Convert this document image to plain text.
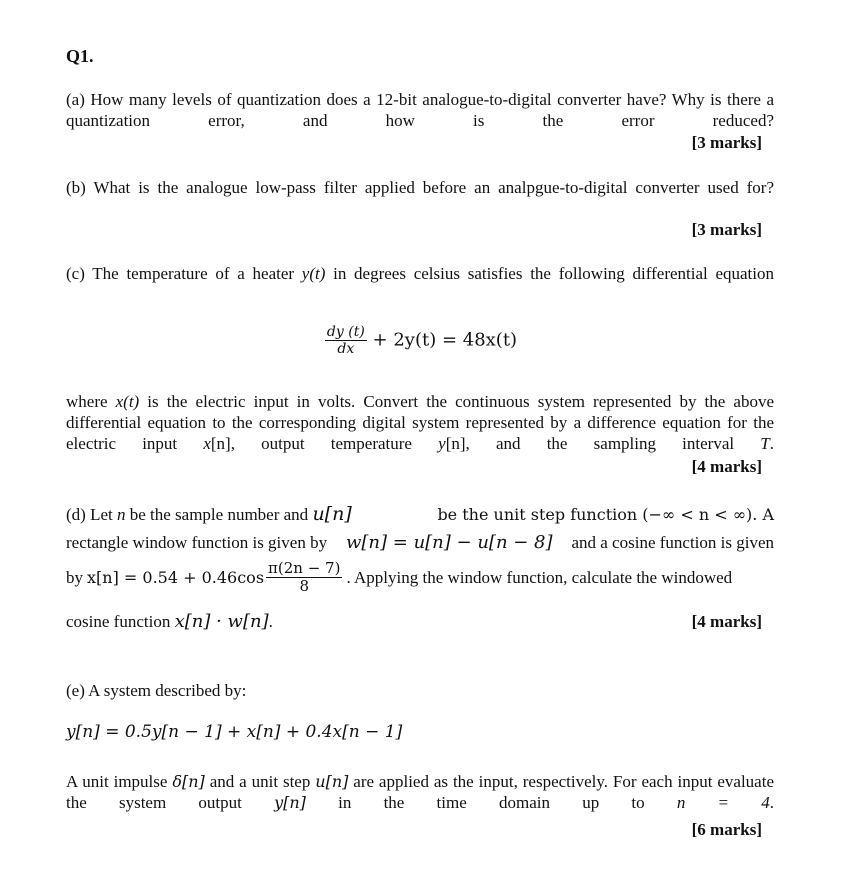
Q1.
(a) How many levels of quantization does a 12-bit analogue-to-digital converter have? Why is there a quantization error, and how is the error reduced?
[3 marks]
(b) What is the analogue low-pass filter applied before an analpgue-to-digital converter used for?
[3 marks]
(c) The temperature of a heater y(t) in degrees celsius satisfies the following differential equation
$\frac{dy (t)}{dx} + 2y(t) = 48x(t)$
where x(t) is the electric input in volts. Convert the continuous system represented by the above differential equation to the corresponding digital system represented by a difference equation for the electric input x[n], output temperature y[n], and the sampling interval T.
[4 marks]
(d) Let n be the sample number and u[n]	be the unit step function (−∞ < n < ∞). A
rectangle window function is given by w[n] = u[n] − u[n − 8] and a cosine function is given
by $x[n] = 0.54 + 0.46\cos \frac{\pi(2n - 7)}{8}$ . Applying the window function, calculate the windowed
cosine function x[n] · w[n].	[4 marks]
(e) A system described by:
y[n] = 0.5y[n − 1] + x[n] + 0.4x[n − 1]
A unit impulse δ[n] and a unit step u[n] are applied as the input, respectively. For each input evaluate the system output y[n] in the time domain up to n = 4.
[6 marks]
